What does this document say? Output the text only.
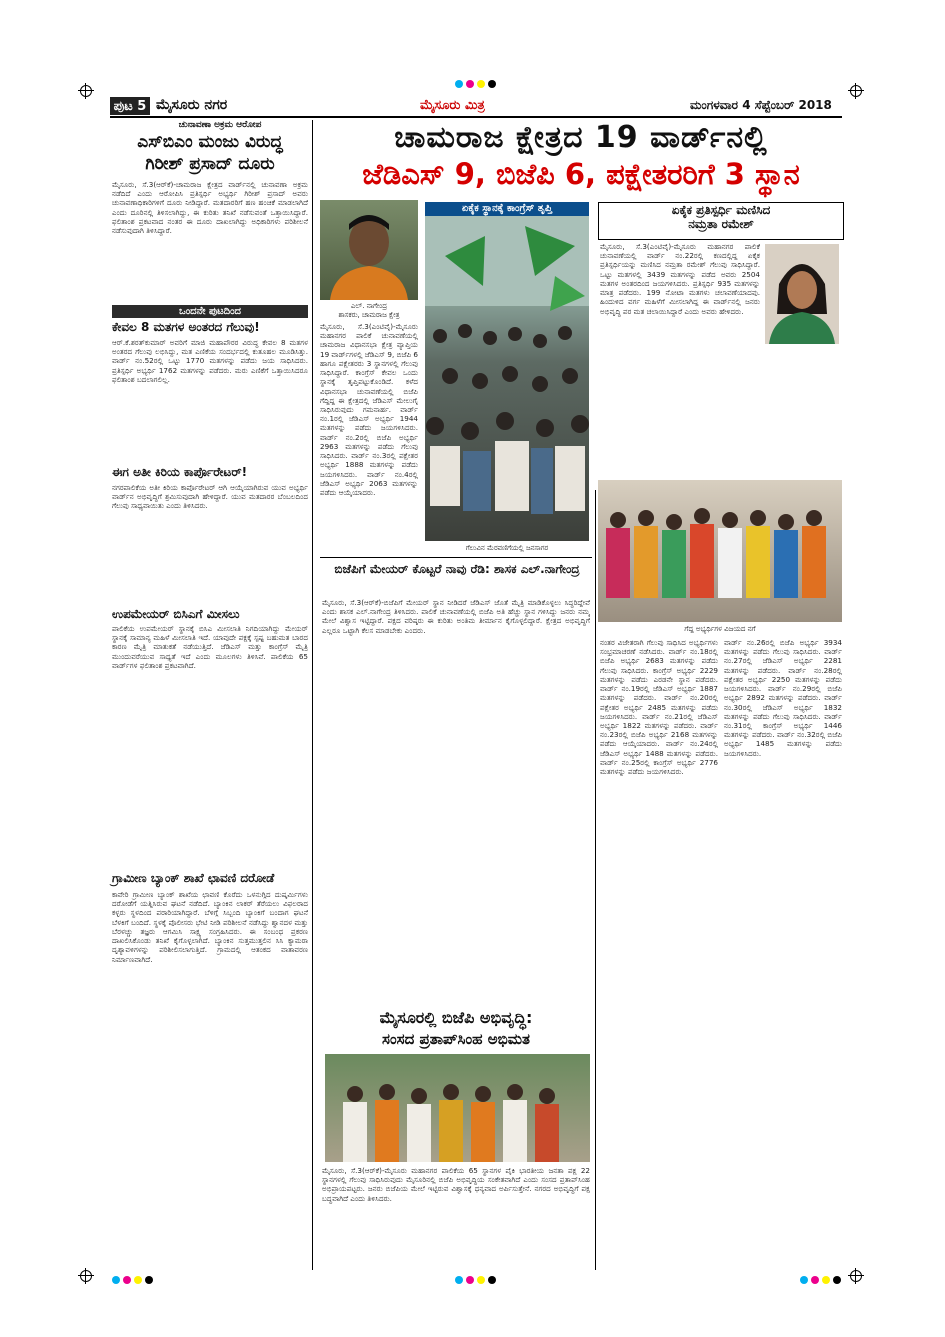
ಪುಟ 5 ಮೈಸೂರು ನಗರ	ಮೈಸೂರು ಮಿತ್ರ	ಮಂಗಳವಾರ 4 ಸೆಪ್ಟೆಂಬರ್ 2018
ಚುನಾವಣಾ ಅಕ್ರಮ ಆರೋಪ
ಎಸ್‌ಬಿಎಂ ಮಂಜು ವಿರುದ್ಧ
ಗಿರೀಶ್ ಪ್ರಸಾದ್ ದೂರು
ಮೈಸೂರು, ಸೆ.3(ಆರ್‌ಕೆ)-ಚಾಮರಾಜ ಕ್ಷೇತ್ರದ ವಾರ್ಡ್‌ನಲ್ಲಿ ಚುನಾವಣಾ ಅಕ್ರಮ ನಡೆದಿದೆ ಎಂದು ಆರೋಪಿಸಿ ಪ್ರತಿಸ್ಪರ್ಧಿ ಅಭ್ಯರ್ಥಿ ಗಿರೀಶ್ ಪ್ರಸಾದ್ ಅವರು ಚುನಾವಣಾಧಿಕಾರಿಗಳಿಗೆ ದೂರು ನೀಡಿದ್ದಾರೆ. ಮತದಾರರಿಗೆ ಹಣ ಹಂಚಿಕೆ ಮಾಡಲಾಗಿದೆ ಎಂದು ದೂರಿನಲ್ಲಿ ತಿಳಿಸಲಾಗಿದ್ದು, ಈ ಕುರಿತು ತನಿಖೆ ನಡೆಸುವಂತೆ ಒತ್ತಾಯಿಸಿದ್ದಾರೆ. ಫಲಿತಾಂಶ ಪ್ರಕಟವಾದ ನಂತರ ಈ ದೂರು ದಾಖಲಾಗಿದ್ದು ಅಧಿಕಾರಿಗಳು ಪರಿಶೀಲನೆ ನಡೆಸುವುದಾಗಿ ತಿಳಿಸಿದ್ದಾರೆ.
ಒಂದನೇ ಪುಟದಿಂದ
ಕೇವಲ 8 ಮತಗಳ ಅಂತರದ ಗೆಲುವು!
ಆರ್.ಕೆ.ಶರತ್‌ಕುಮಾರ್ ಅವರಿಗೆ ಮಾಜಿ ಮಹಾಪೌರರ ವಿರುದ್ಧ ಕೇವಲ 8 ಮತಗಳ ಅಂತರದ ಗೆಲುವು ಲಭಿಸಿದ್ದು, ಮತ ಎಣಿಕೆಯ ಸಂದರ್ಭದಲ್ಲಿ ಕುತೂಹಲ ಮೂಡಿಸಿತ್ತು. ವಾರ್ಡ್ ನಂ.52ರಲ್ಲಿ ಒಟ್ಟು 1770 ಮತಗಳನ್ನು ಪಡೆದು ಜಯ ಸಾಧಿಸಿದರು. ಪ್ರತಿಸ್ಪರ್ಧಿ ಅಭ್ಯರ್ಥಿ 1762 ಮತಗಳನ್ನು ಪಡೆದರು. ಮರು ಎಣಿಕೆಗೆ ಒತ್ತಾಯಿಸಿದರೂ ಫಲಿತಾಂಶ ಬದಲಾಗಲಿಲ್ಲ.
ಈಗ ಅತೀ ಕಿರಿಯ ಕಾರ್ಪೊರೇಟರ್!
ನಗರಪಾಲಿಕೆಯ ಅತೀ ಕಿರಿಯ ಕಾರ್ಪೊರೇಟರ್ ಆಗಿ ಆಯ್ಕೆಯಾಗಿರುವ ಯುವ ಅಭ್ಯರ್ಥಿ ವಾರ್ಡ್‌ನ ಅಭಿವೃದ್ಧಿಗೆ ಶ್ರಮಿಸುವುದಾಗಿ ಹೇಳಿದ್ದಾರೆ. ಯುವ ಮತದಾರರ ಬೆಂಬಲದಿಂದ ಗೆಲುವು ಸಾಧ್ಯವಾಯಿತು ಎಂದು ತಿಳಿಸಿದರು.
ಉಪಮೇಯರ್ ಬಿಸಿಎಗೆ ಮೀಸಲು
ಪಾಲಿಕೆಯ ಉಪಮೇಯರ್ ಸ್ಥಾನಕ್ಕೆ ಬಿಸಿಎ ಮೀಸಲಾತಿ ನಿಗದಿಯಾಗಿದ್ದು ಮೇಯರ್ ಸ್ಥಾನಕ್ಕೆ ಸಾಮಾನ್ಯ ಮಹಿಳೆ ಮೀಸಲಾತಿ ಇದೆ. ಯಾವುದೇ ಪಕ್ಷಕ್ಕೆ ಸ್ಪಷ್ಟ ಬಹುಮತ ಬಾರದ ಕಾರಣ ಮೈತ್ರಿ ಮಾತುಕತೆ ನಡೆಯುತ್ತಿದೆ. ಜೆಡಿಎಸ್ ಮತ್ತು ಕಾಂಗ್ರೆಸ್ ಮೈತ್ರಿ ಮುಂದುವರೆಯುವ ಸಾಧ್ಯತೆ ಇದೆ ಎಂದು ಮೂಲಗಳು ತಿಳಿಸಿವೆ. ಪಾಲಿಕೆಯ 65 ವಾರ್ಡ್‌ಗಳ ಫಲಿತಾಂಶ ಪ್ರಕಟವಾಗಿದೆ.
ಗ್ರಾಮೀಣ ಬ್ಯಾಂಕ್ ಶಾಖೆ ಛಾವಣಿ ದರೋಡೆ
ಕಾವೇರಿ ಗ್ರಾಮೀಣ ಬ್ಯಾಂಕ್ ಶಾಖೆಯ ಛಾವಣಿ ಕೊರೆದು ಒಳನುಗ್ಗಿದ ದುಷ್ಕರ್ಮಿಗಳು ದರೋಡೆಗೆ ಯತ್ನಿಸಿರುವ ಘಟನೆ ನಡೆದಿದೆ. ಬ್ಯಾಂಕಿನ ಲಾಕರ್ ತೆರೆಯಲು ವಿಫಲರಾದ ಕಳ್ಳರು ಸ್ಥಳದಿಂದ ಪರಾರಿಯಾಗಿದ್ದಾರೆ. ಬೆಳಿಗ್ಗೆ ಸಿಬ್ಬಂದಿ ಬ್ಯಾಂಕಿಗೆ ಬಂದಾಗ ಘಟನೆ ಬೆಳಕಿಗೆ ಬಂದಿದೆ. ಸ್ಥಳಕ್ಕೆ ಪೊಲೀಸರು ಭೇಟಿ ನೀಡಿ ಪರಿಶೀಲನೆ ನಡೆಸಿದ್ದು ಶ್ವಾನದಳ ಮತ್ತು ಬೆರಳಚ್ಚು ತಜ್ಞರು ಆಗಮಿಸಿ ಸಾಕ್ಷ್ಯ ಸಂಗ್ರಹಿಸಿದರು. ಈ ಸಂಬಂಧ ಪ್ರಕರಣ ದಾಖಲಿಸಿಕೊಂಡು ತನಿಖೆ ಕೈಗೊಳ್ಳಲಾಗಿದೆ. ಬ್ಯಾಂಕಿನ ಸುತ್ತಮುತ್ತಲಿನ ಸಿಸಿ ಕ್ಯಾಮರಾ ದೃಶ್ಯಾವಳಿಗಳನ್ನು ಪರಿಶೀಲಿಸಲಾಗುತ್ತಿದೆ. ಗ್ರಾಮದಲ್ಲಿ ಆತಂಕದ ವಾತಾವರಣ ನಿರ್ಮಾಣವಾಗಿದೆ.
ಚಾಮರಾಜ ಕ್ಷೇತ್ರದ 19 ವಾರ್ಡ್‌ನಲ್ಲಿ
ಜೆಡಿಎಸ್ 9, ಬಿಜೆಪಿ 6, ಪಕ್ಷೇತರರಿಗೆ 3 ಸ್ಥಾನ
ಎಲ್. ನಾಗೇಂದ್ರ
ಶಾಸಕರು, ಚಾಮರಾಜ ಕ್ಷೇತ್ರ
ಮೈಸೂರು, ಸೆ.3(ಎಂಟಿವೈ)-ಮೈಸೂರು ಮಹಾನಗರ ಪಾಲಿಕೆ ಚುನಾವಣೆಯಲ್ಲಿ ಚಾಮರಾಜ ವಿಧಾನಸಭಾ ಕ್ಷೇತ್ರ ವ್ಯಾಪ್ತಿಯ 19 ವಾರ್ಡ್‌ಗಳಲ್ಲಿ ಜೆಡಿಎಸ್ 9, ಬಿಜೆಪಿ 6 ಹಾಗೂ ಪಕ್ಷೇತರರು 3 ಸ್ಥಾನಗಳಲ್ಲಿ ಗೆಲುವು ಸಾಧಿಸಿದ್ದಾರೆ. ಕಾಂಗ್ರೆಸ್ ಕೇವಲ ಒಂದು ಸ್ಥಾನಕ್ಕೆ ತೃಪ್ತಿಪಟ್ಟುಕೊಂಡಿದೆ. ಕಳೆದ ವಿಧಾನಸಭಾ ಚುನಾವಣೆಯಲ್ಲಿ ಬಿಜೆಪಿ ಗೆದ್ದಿದ್ದ ಈ ಕ್ಷೇತ್ರದಲ್ಲಿ ಜೆಡಿಎಸ್ ಮೇಲುಗೈ ಸಾಧಿಸಿರುವುದು ಗಮನಾರ್ಹ. ವಾರ್ಡ್ ನಂ.1ರಲ್ಲಿ ಜೆಡಿಎಸ್ ಅಭ್ಯರ್ಥಿ 1944 ಮತಗಳನ್ನು ಪಡೆದು ಜಯಗಳಿಸಿದರು. ವಾರ್ಡ್ ನಂ.2ರಲ್ಲಿ ಬಿಜೆಪಿ ಅಭ್ಯರ್ಥಿ 2963 ಮತಗಳನ್ನು ಪಡೆದು ಗೆಲುವು ಸಾಧಿಸಿದರು. ವಾರ್ಡ್ ನಂ.3ರಲ್ಲಿ ಪಕ್ಷೇತರ ಅಭ್ಯರ್ಥಿ 1888 ಮತಗಳನ್ನು ಪಡೆದು ಜಯಗಳಿಸಿದರು. ವಾರ್ಡ್ ನಂ.4ರಲ್ಲಿ ಜೆಡಿಎಸ್ ಅಭ್ಯರ್ಥಿ 2063 ಮತಗಳನ್ನು ಪಡೆದು ಆಯ್ಕೆಯಾದರು.
ಏಕೈಕ ಸ್ಥಾನಕ್ಕೆ ಕಾಂಗ್ರೆಸ್ ತೃಪ್ತಿ
ಗೆಲುವಿನ ಮೆರವಣಿಗೆಯಲ್ಲಿ ಜನಸಾಗರ
ಏಕೈಕ ಪ್ರತಿಸ್ಪರ್ಧಿ ಮಣಿಸಿದ
ನಮ್ರತಾ ರಮೇಶ್
ಮೈಸೂರು, ಸೆ.3(ಎಂಟಿವೈ)-ಮೈಸೂರು ಮಹಾನಗರ ಪಾಲಿಕೆ ಚುನಾವಣೆಯಲ್ಲಿ ವಾರ್ಡ್ ನಂ.22ರಲ್ಲಿ ಕಣದಲ್ಲಿದ್ದ ಏಕೈಕ ಪ್ರತಿಸ್ಪರ್ಧಿಯನ್ನು ಮಣಿಸಿದ ನಮ್ರತಾ ರಮೇಶ್ ಗೆಲುವು ಸಾಧಿಸಿದ್ದಾರೆ. ಒಟ್ಟು ಮತಗಳಲ್ಲಿ 3439 ಮತಗಳನ್ನು ಪಡೆದ ಅವರು 2504 ಮತಗಳ ಅಂತರದಿಂದ ಜಯಗಳಿಸಿದರು. ಪ್ರತಿಸ್ಪರ್ಧಿ 935 ಮತಗಳನ್ನು ಮಾತ್ರ ಪಡೆದರು. 199 ನೋಟಾ ಮತಗಳು ಚಲಾವಣೆಯಾದವು. ಹಿಂದುಳಿದ ವರ್ಗ ಮಹಿಳೆಗೆ ಮೀಸಲಾಗಿದ್ದ ಈ ವಾರ್ಡ್‌ನಲ್ಲಿ ಜನರು ಅಭಿವೃದ್ಧಿ ಪರ ಮತ ಚಲಾಯಿಸಿದ್ದಾರೆ ಎಂದು ಅವರು ಹೇಳಿದರು.
ಗೆದ್ದ ಅಭ್ಯರ್ಥಿಗಳ ವಿಜಯದ ನಗೆ
ಬಿಜೆಪಿಗೆ ಮೇಯರ್ ಕೊಟ್ಟರೆ ನಾವು ರೆಡಿ: ಶಾಸಕ ಎಲ್.ನಾಗೇಂದ್ರ
ಮೈಸೂರು, ಸೆ.3(ಆರ್‌ಕೆ)-ಬಿಜೆಪಿಗೆ ಮೇಯರ್ ಸ್ಥಾನ ನೀಡಿದರೆ ಜೆಡಿಎಸ್ ಜೊತೆ ಮೈತ್ರಿ ಮಾಡಿಕೊಳ್ಳಲು ಸಿದ್ಧರಿದ್ದೇವೆ ಎಂದು ಶಾಸಕ ಎಲ್.ನಾಗೇಂದ್ರ ತಿಳಿಸಿದರು. ಪಾಲಿಕೆ ಚುನಾವಣೆಯಲ್ಲಿ ಬಿಜೆಪಿ ಅತಿ ಹೆಚ್ಚು ಸ್ಥಾನ ಗಳಿಸಿದ್ದು ಜನರು ನಮ್ಮ ಮೇಲೆ ವಿಶ್ವಾಸ ಇಟ್ಟಿದ್ದಾರೆ. ಪಕ್ಷದ ವರಿಷ್ಠರು ಈ ಕುರಿತು ಅಂತಿಮ ತೀರ್ಮಾನ ಕೈಗೊಳ್ಳಲಿದ್ದಾರೆ. ಕ್ಷೇತ್ರದ ಅಭಿವೃದ್ಧಿಗೆ ಎಲ್ಲರೂ ಒಟ್ಟಾಗಿ ಕೆಲಸ ಮಾಡಬೇಕು ಎಂದರು.
ಮೈಸೂರಲ್ಲಿ ಬಿಜೆಪಿ ಅಭಿವೃದ್ಧಿ:
ಸಂಸದ ಪ್ರತಾಪ್‌ಸಿಂಹ ಅಭಿಮತ
ಮೈಸೂರು, ಸೆ.3(ಆರ್‌ಕೆ)-ಮೈಸೂರು ಮಹಾನಗರ ಪಾಲಿಕೆಯ 65 ಸ್ಥಾನಗಳ ಪೈಕಿ ಭಾರತೀಯ ಜನತಾ ಪಕ್ಷ 22 ಸ್ಥಾನಗಳಲ್ಲಿ ಗೆಲುವು ಸಾಧಿಸಿರುವುದು ಮೈಸೂರಿನಲ್ಲಿ ಬಿಜೆಪಿ ಅಭಿವೃದ್ಧಿಯ ಸಂಕೇತವಾಗಿದೆ ಎಂದು ಸಂಸದ ಪ್ರತಾಪ್‌ಸಿಂಹ ಅಭಿಪ್ರಾಯಪಟ್ಟರು. ಜನರು ಬಿಜೆಪಿಯ ಮೇಲೆ ಇಟ್ಟಿರುವ ವಿಶ್ವಾಸಕ್ಕೆ ಧನ್ಯವಾದ ಅರ್ಪಿಸುತ್ತೇನೆ. ನಗರದ ಅಭಿವೃದ್ಧಿಗೆ ಪಕ್ಷ ಬದ್ಧವಾಗಿದೆ ಎಂದು ತಿಳಿಸಿದರು.
ನಂತರ ವಿಜೇತರಾಗಿ ಗೆಲುವು ಸಾಧಿಸಿದ ಅಭ್ಯರ್ಥಿಗಳು ಸಂಭ್ರಮಾಚರಣೆ ನಡೆಸಿದರು. ವಾರ್ಡ್ ನಂ.18ರಲ್ಲಿ ಬಿಜೆಪಿ ಅಭ್ಯರ್ಥಿ 2683 ಮತಗಳನ್ನು ಪಡೆದು ಗೆಲುವು ಸಾಧಿಸಿದರು. ಕಾಂಗ್ರೆಸ್ ಅಭ್ಯರ್ಥಿ 2229 ಮತಗಳನ್ನು ಪಡೆದು ಎರಡನೇ ಸ್ಥಾನ ಪಡೆದರು. ವಾರ್ಡ್ ನಂ.19ರಲ್ಲಿ ಜೆಡಿಎಸ್ ಅಭ್ಯರ್ಥಿ 1887 ಮತಗಳನ್ನು ಪಡೆದರು. ವಾರ್ಡ್ ನಂ.20ರಲ್ಲಿ ಪಕ್ಷೇತರ ಅಭ್ಯರ್ಥಿ 2485 ಮತಗಳನ್ನು ಪಡೆದು ಜಯಗಳಿಸಿದರು. ವಾರ್ಡ್ ನಂ.21ರಲ್ಲಿ ಜೆಡಿಎಸ್ ಅಭ್ಯರ್ಥಿ 1822 ಮತಗಳನ್ನು ಪಡೆದರು. ವಾರ್ಡ್ ನಂ.23ರಲ್ಲಿ ಬಿಜೆಪಿ ಅಭ್ಯರ್ಥಿ 2168 ಮತಗಳನ್ನು ಪಡೆದು ಆಯ್ಕೆಯಾದರು. ವಾರ್ಡ್ ನಂ.24ರಲ್ಲಿ ಜೆಡಿಎಸ್ ಅಭ್ಯರ್ಥಿ 1488 ಮತಗಳನ್ನು ಪಡೆದರು. ವಾರ್ಡ್ ನಂ.25ರಲ್ಲಿ ಕಾಂಗ್ರೆಸ್ ಅಭ್ಯರ್ಥಿ 2776 ಮತಗಳನ್ನು ಪಡೆದು ಜಯಗಳಿಸಿದರು.
ವಾರ್ಡ್ ನಂ.26ರಲ್ಲಿ ಬಿಜೆಪಿ ಅಭ್ಯರ್ಥಿ 3934 ಮತಗಳನ್ನು ಪಡೆದು ಗೆಲುವು ಸಾಧಿಸಿದರು. ವಾರ್ಡ್ ನಂ.27ರಲ್ಲಿ ಜೆಡಿಎಸ್ ಅಭ್ಯರ್ಥಿ 2281 ಮತಗಳನ್ನು ಪಡೆದರು. ವಾರ್ಡ್ ನಂ.28ರಲ್ಲಿ ಪಕ್ಷೇತರ ಅಭ್ಯರ್ಥಿ 2250 ಮತಗಳನ್ನು ಪಡೆದು ಜಯಗಳಿಸಿದರು. ವಾರ್ಡ್ ನಂ.29ರಲ್ಲಿ ಬಿಜೆಪಿ ಅಭ್ಯರ್ಥಿ 2892 ಮತಗಳನ್ನು ಪಡೆದರು. ವಾರ್ಡ್ ನಂ.30ರಲ್ಲಿ ಜೆಡಿಎಸ್ ಅಭ್ಯರ್ಥಿ 1832 ಮತಗಳನ್ನು ಪಡೆದು ಗೆಲುವು ಸಾಧಿಸಿದರು. ವಾರ್ಡ್ ನಂ.31ರಲ್ಲಿ ಕಾಂಗ್ರೆಸ್ ಅಭ್ಯರ್ಥಿ 1446 ಮತಗಳನ್ನು ಪಡೆದರು. ವಾರ್ಡ್ ನಂ.32ರಲ್ಲಿ ಬಿಜೆಪಿ ಅಭ್ಯರ್ಥಿ 1485 ಮತಗಳನ್ನು ಪಡೆದು ಜಯಗಳಿಸಿದರು.
